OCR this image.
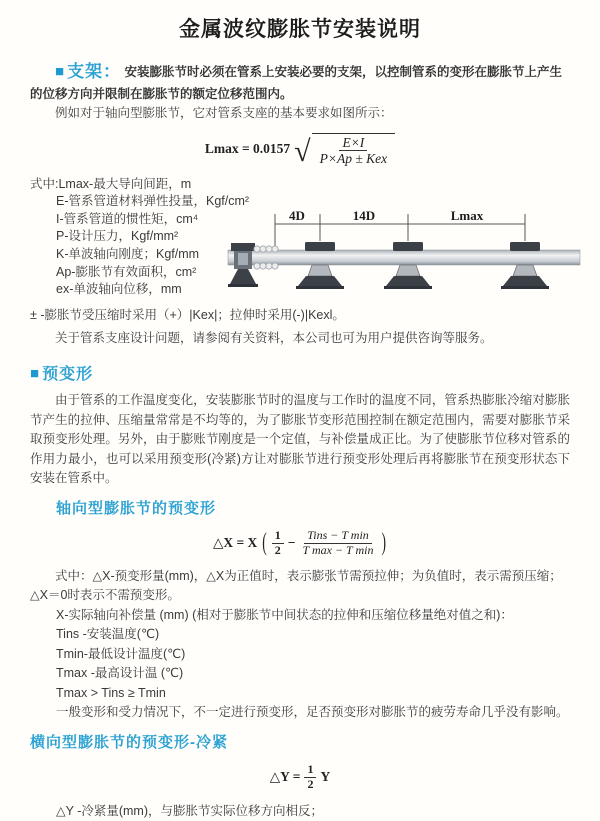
金属波纹膨胀节安装说明

■ 支架： 安装膨胀节时必须在管系上安装必要的支架，以控制管系的变形在膨胀节上产生的位移方向并限制在膨胀节的额定位移范围内。

例如对于轴向型膨胀节，它对管系支座的基本要求如图所示：

Lmax = 0.0157 √ $\frac{E\times I}{\text{P×Ap ± Kex}}$

式中:Lmax-最大导向间距，m

E-管系管道材料弹性投量，Kgf/cm²

I-管系管道的惯性矩，cm⁴

P-设计压力，Kgf/mm²

K-单波轴向刚度；Kgf/mm

Ap-膨胀节有效面积，cm²

ex-单波轴向位移，mm

4D	14D	Lmax

± -膨胀节受压缩时采用（+）|Kex|；拉伸时采用(-)|Kexl。

关于管系支座设计问题，请参阅有关资料，本公司也可为用户提供咨询等服务。

■ 预变形

由于管系的工作温度变化，安装膨胀节时的温度与工作时的温度不同，管系热膨胀冷缩对膨胀节产生的拉伸、压缩量常常是不均等的，为了膨胀节变形范围控制在额定范围内，需要对膨胀节采取预变形处理。另外，由于膨账节刚度是一个定值，与补偿量成正比。为了使膨胀节位移对管系的作用力最小，也可以采用预变形(冷紧)方让对膨胀节进行预变形处理后再将膨胀节在预变形状态下安装在管系中。

轴向型膨胀节的预变形
△X = X ( $\frac{1}{2} - \frac{\text{Tins − T min}}{\text{T max − T min}}$ )

式中：△X-预变形量(mm)，△X为正值时，表示膨张节需预拉伸；为负值时，表示需预压缩；△X＝0时表示不需预变形。

X-实际轴向补偿量 (mm) (相对于膨胀节中间状态的拉伸和压缩位移量绝对值之和)：

Tins -安装温度(℃)

Tmin-最低设计温度(℃)

Tmax -最高设计温 (℃)

Tmax > Tins ≥ Tmin

一般变形和受力情况下，不一定进行预变形，足否预变形对膨胀节的疲劳寿命几乎没有影响。

横向型膨胀节的预变形-冷紧
△Y = $\frac{1}{2}$ Y

△Y -冷紧量(mm)，与膨胀节实际位移方向相反；
